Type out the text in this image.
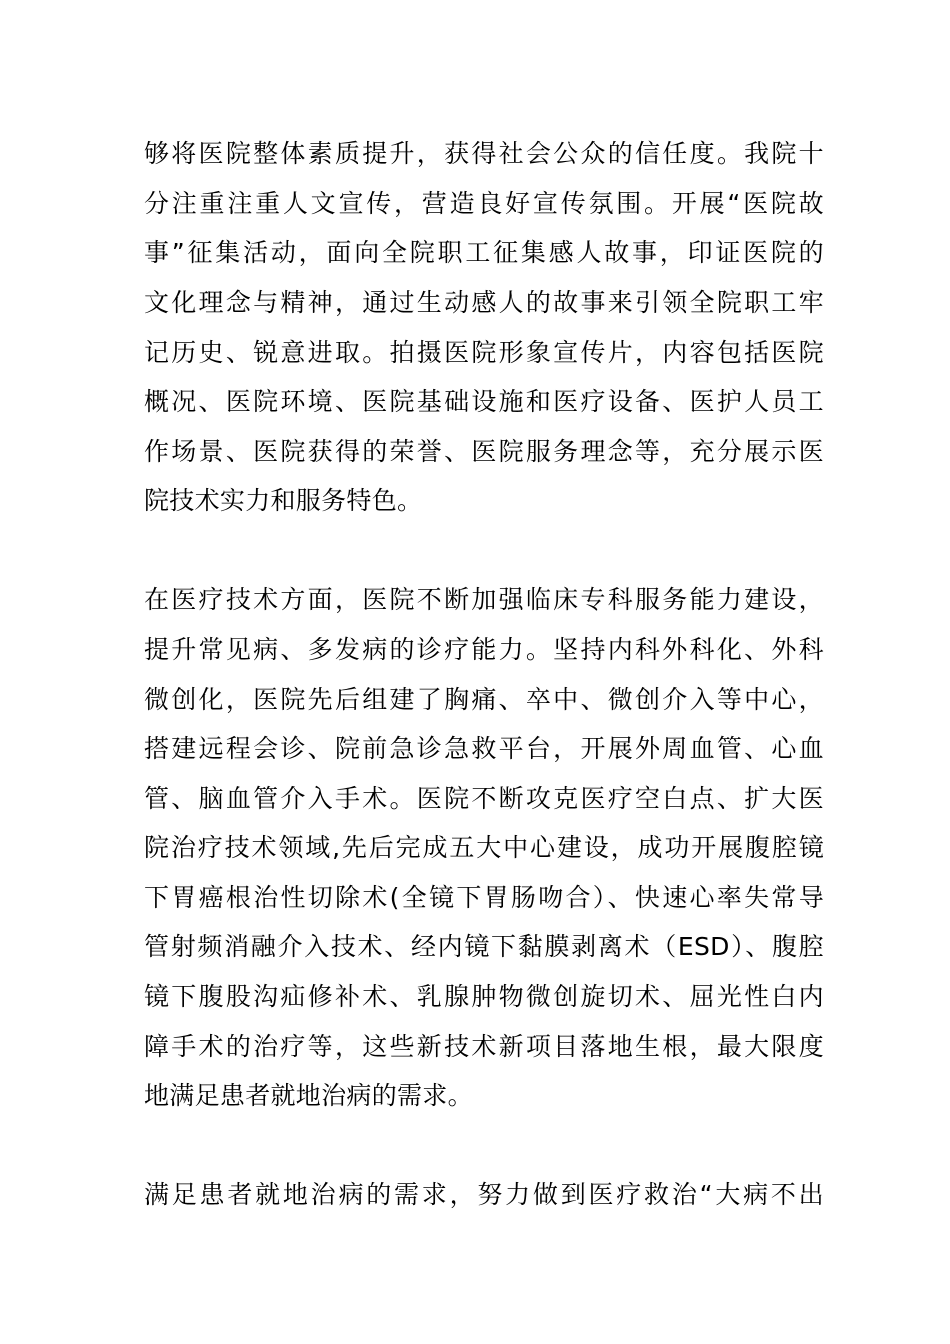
够将医院整体素质提升，获得社会公众的信任度。我院十
分注重注重人文宣传，营造良好宣传氛围。开展“医院故
事”征集活动，面向全院职工征集感人故事，印证医院的
文化理念与精神，通过生动感人的故事来引领全院职工牢
记历史、锐意进取。拍摄医院形象宣传片，内容包括医院
概况、医院环境、医院基础设施和医疗设备、医护人员工
作场景、医院获得的荣誉、医院服务理念等，充分展示医
院技术实力和服务特色。
在医疗技术方面，医院不断加强临床专科服务能力建设，
提升常见病、多发病的诊疗能力。坚持内科外科化、外科
微创化，医院先后组建了胸痛、卒中、微创介入等中心，
搭建远程会诊、院前急诊急救平台，开展外周血管、心血
管、脑血管介入手术。医院不断攻克医疗空白点、扩大医
院治疗技术领域,先后完成五大中心建设，成功开展腹腔镜
下胃癌根治性切除术(全镜下胃肠吻合）、快速心率失常导
管射频消融介入技术、经内镜下黏膜剥离术（ESD）、腹腔
镜下腹股沟疝修补术、乳腺肿物微创旋切术、屈光性白内
障手术的治疗等，这些新技术新项目落地生根，最大限度
地满足患者就地治病的需求。
满足患者就地治病的需求，努力做到医疗救治“大病不出
